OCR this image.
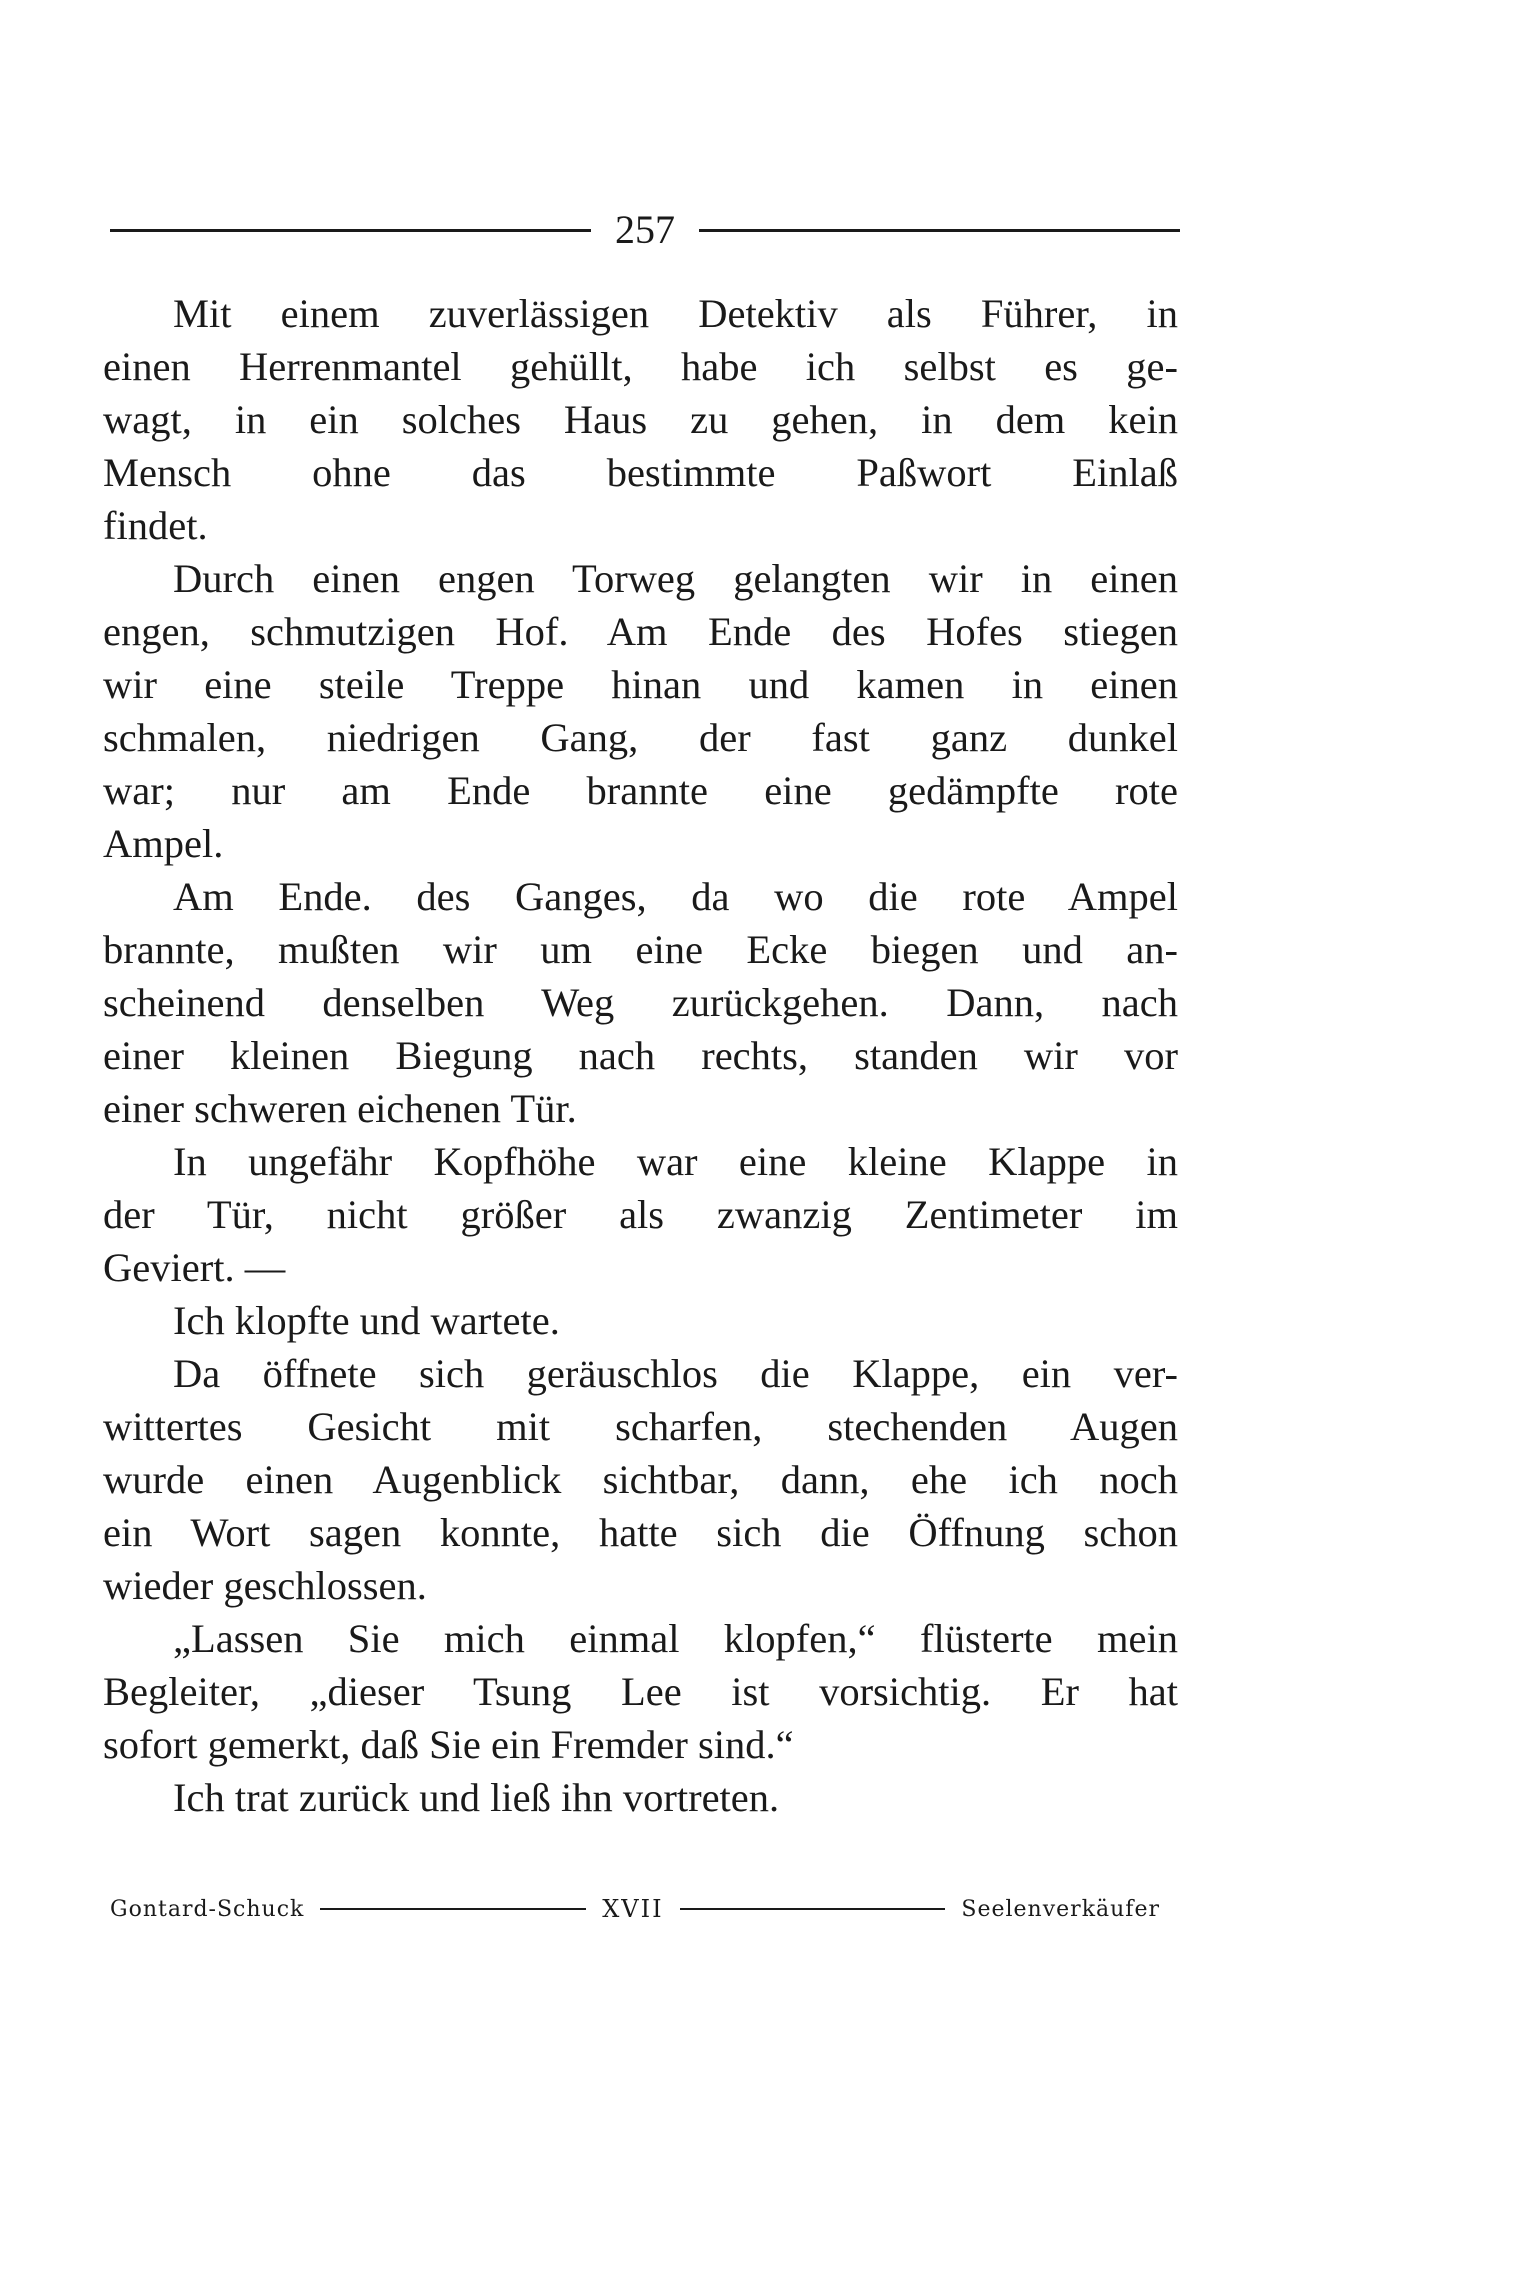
257
Mit einem zuverlässigen Detektiv als Führer, in
einen Herrenmantel gehüllt, habe ich selbst es ge-
wagt, in ein solches Haus zu gehen, in dem kein
Mensch ohne das bestimmte Paßwort Einlaß
findet.
Durch einen engen Torweg gelangten wir in einen
engen, schmutzigen Hof. Am Ende des Hofes stiegen
wir eine steile Treppe hinan und kamen in einen
schmalen, niedrigen Gang, der fast ganz dunkel
war; nur am Ende brannte eine gedämpfte rote
Ampel.
Am Ende. des Ganges, da wo die rote Ampel
brannte, mußten wir um eine Ecke biegen und an-
scheinend denselben Weg zurückgehen. Dann, nach
einer kleinen Biegung nach rechts, standen wir vor
einer schweren eichenen Tür.
In ungefähr Kopfhöhe war eine kleine Klappe in
der Tür, nicht größer als zwanzig Zentimeter im
Geviert. —
Ich klopfte und wartete.
Da öffnete sich geräuschlos die Klappe, ein ver-
wittertes Gesicht mit scharfen, stechenden Augen
wurde einen Augenblick sichtbar, dann, ehe ich noch
ein Wort sagen konnte, hatte sich die Öffnung schon
wieder geschlossen.
„Lassen Sie mich einmal klopfen,“ flüsterte mein
Begleiter, „dieser Tsung Lee ist vorsichtig. Er hat
sofort gemerkt, daß Sie ein Fremder sind.“
Ich trat zurück und ließ ihn vortreten.
Gontard-Schuck	XVII	Seelenverkäufer
